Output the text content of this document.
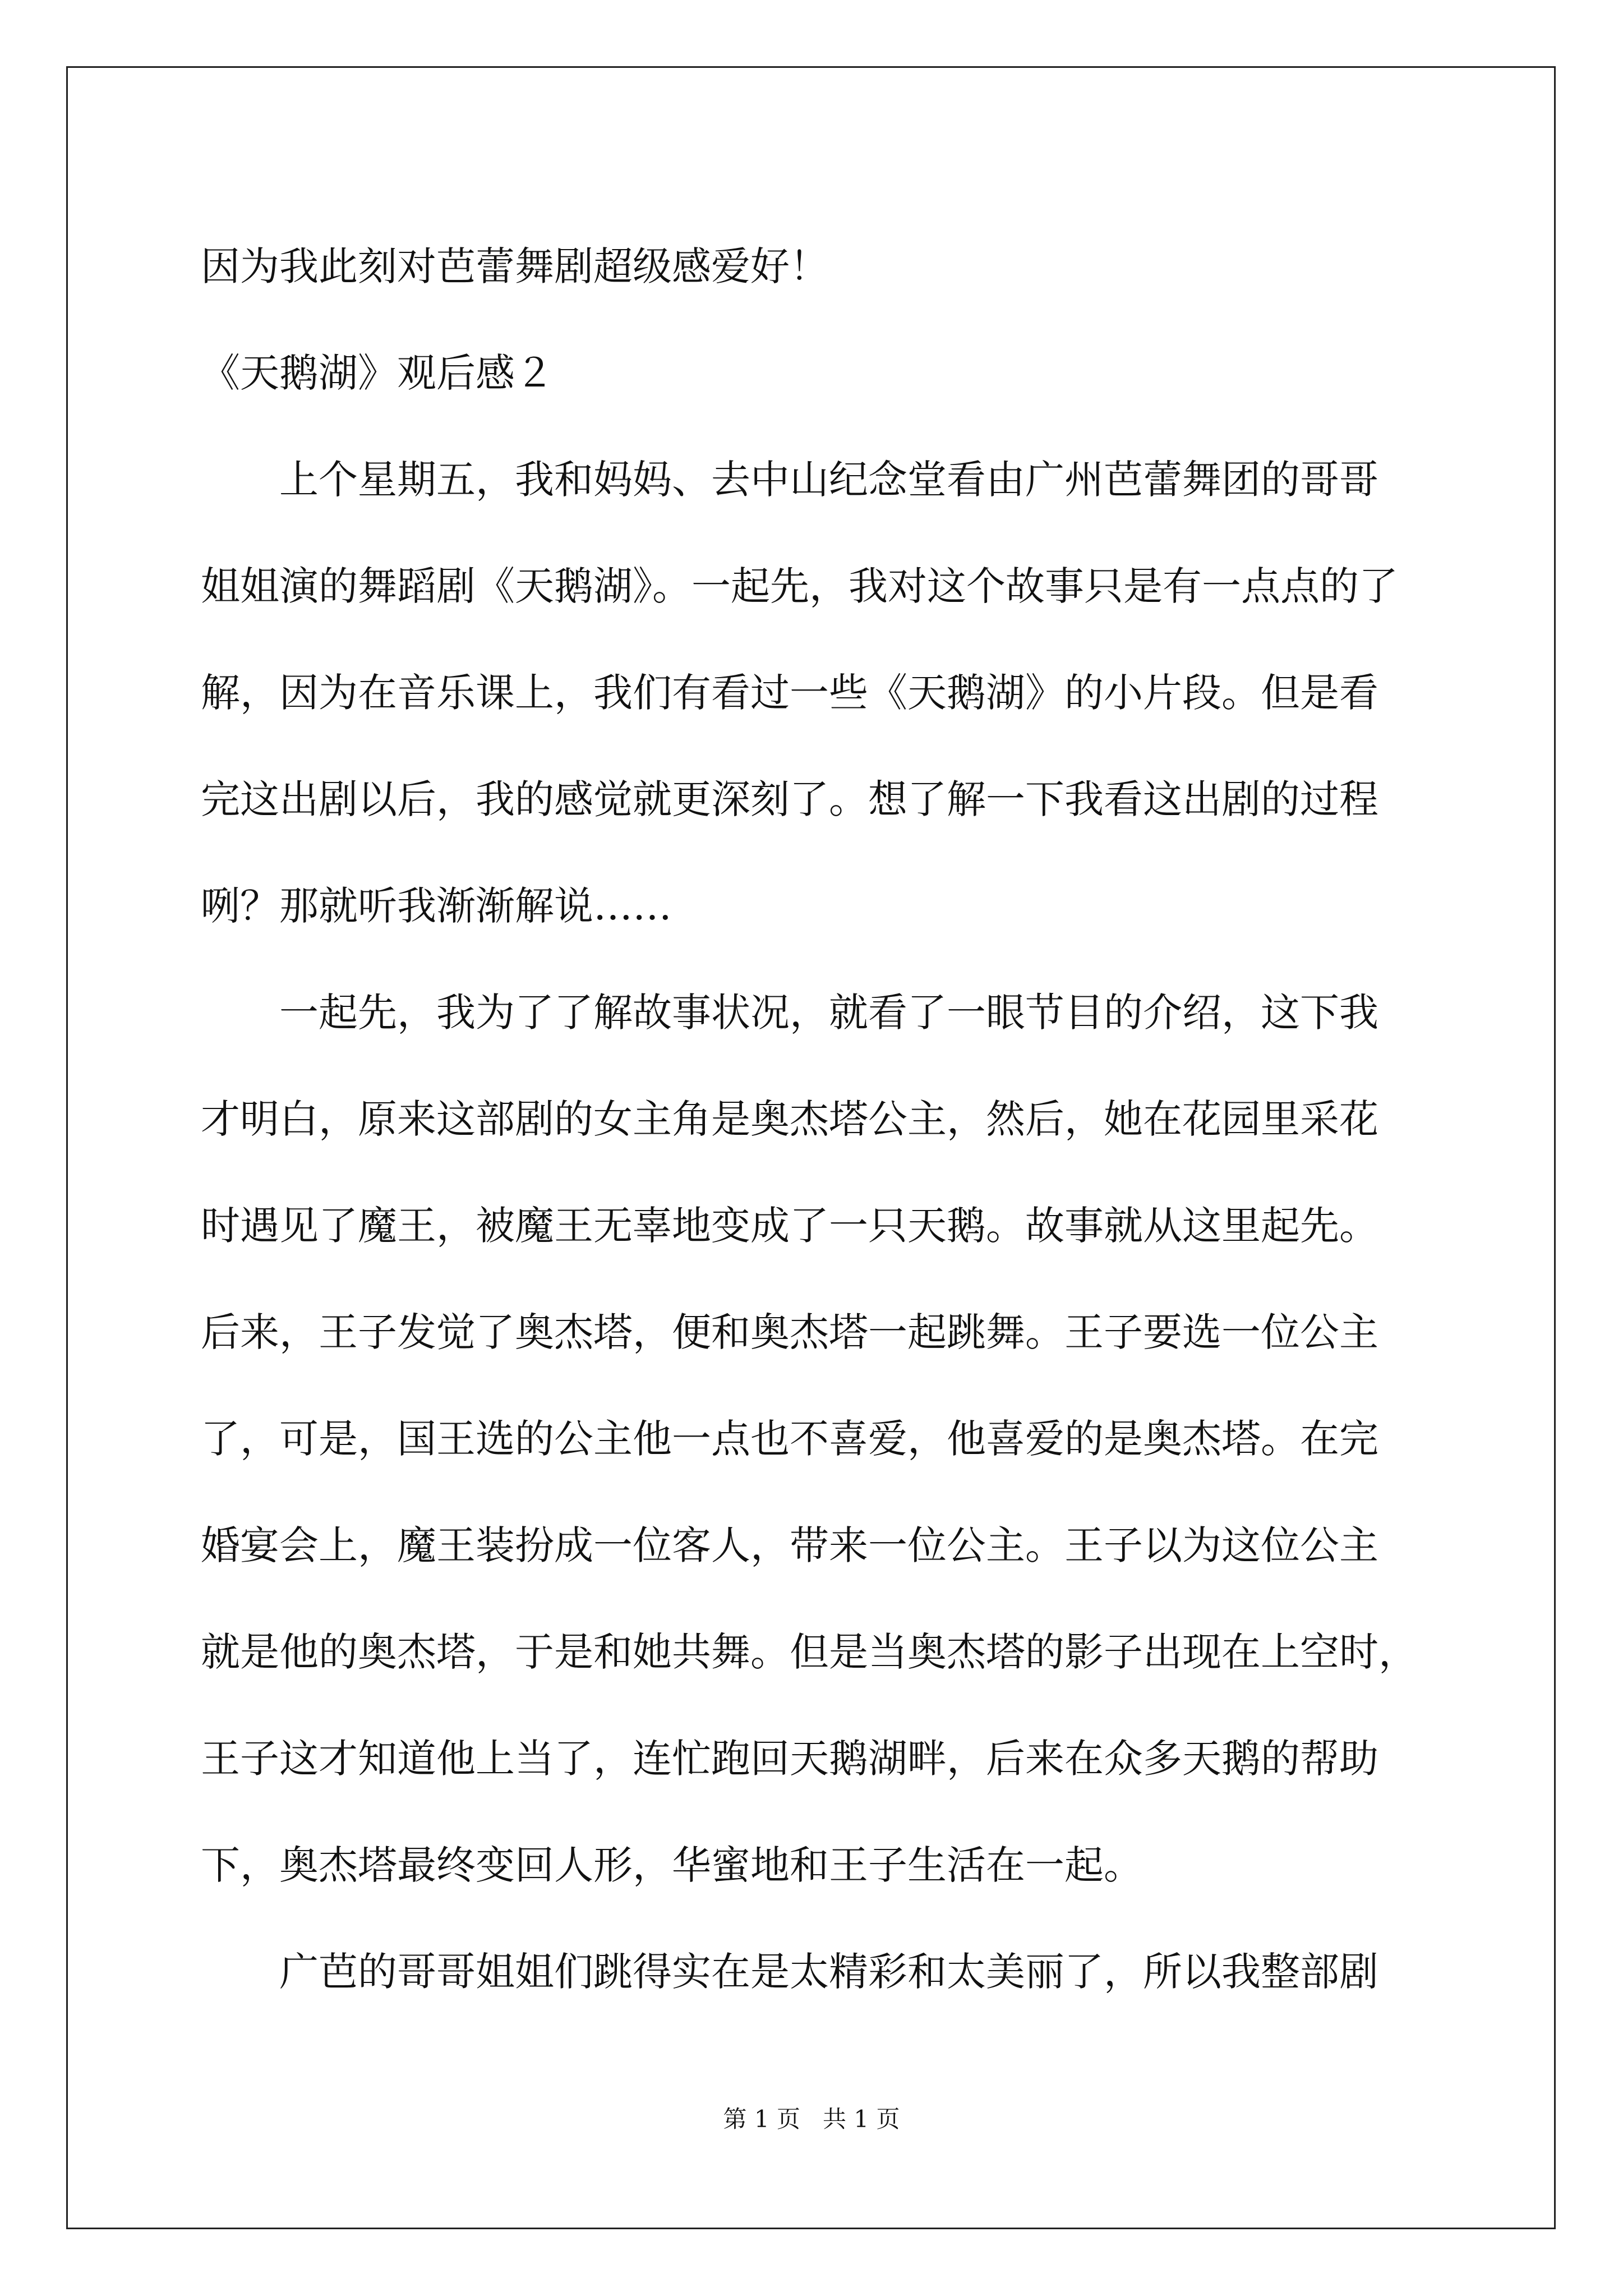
因为我此刻对芭蕾舞剧超级感爱好！
《天鹅湖》观后感２
上个星期五，我和妈妈、去中山纪念堂看由广州芭蕾舞团的哥哥
姐姐演的舞蹈剧《天鹅湖》。一起先，我对这个故事只是有一点点的了
解，因为在音乐课上，我们有看过一些《天鹅湖》的小片段。但是看
完这出剧以后，我的感觉就更深刻了。想了解一下我看这出剧的过程
咧？那就听我渐渐解说……
一起先，我为了了解故事状况，就看了一眼节目的介绍，这下我
才明白，原来这部剧的女主角是奥杰塔公主，然后，她在花园里采花
时遇见了魔王，被魔王无辜地变成了一只天鹅。故事就从这里起先。
后来，王子发觉了奥杰塔，便和奥杰塔一起跳舞。王子要选一位公主
了，可是，国王选的公主他一点也不喜爱，他喜爱的是奥杰塔。在完
婚宴会上，魔王装扮成一位客人，带来一位公主。王子以为这位公主
就是他的奥杰塔，于是和她共舞。但是当奥杰塔的影子出现在上空时，
王子这才知道他上当了，连忙跑回天鹅湖畔，后来在众多天鹅的帮助
下，奥杰塔最终变回人形，华蜜地和王子生活在一起。
广芭的哥哥姐姐们跳得实在是太精彩和太美丽了，所以我整部剧
第 1 页   共 1 页
